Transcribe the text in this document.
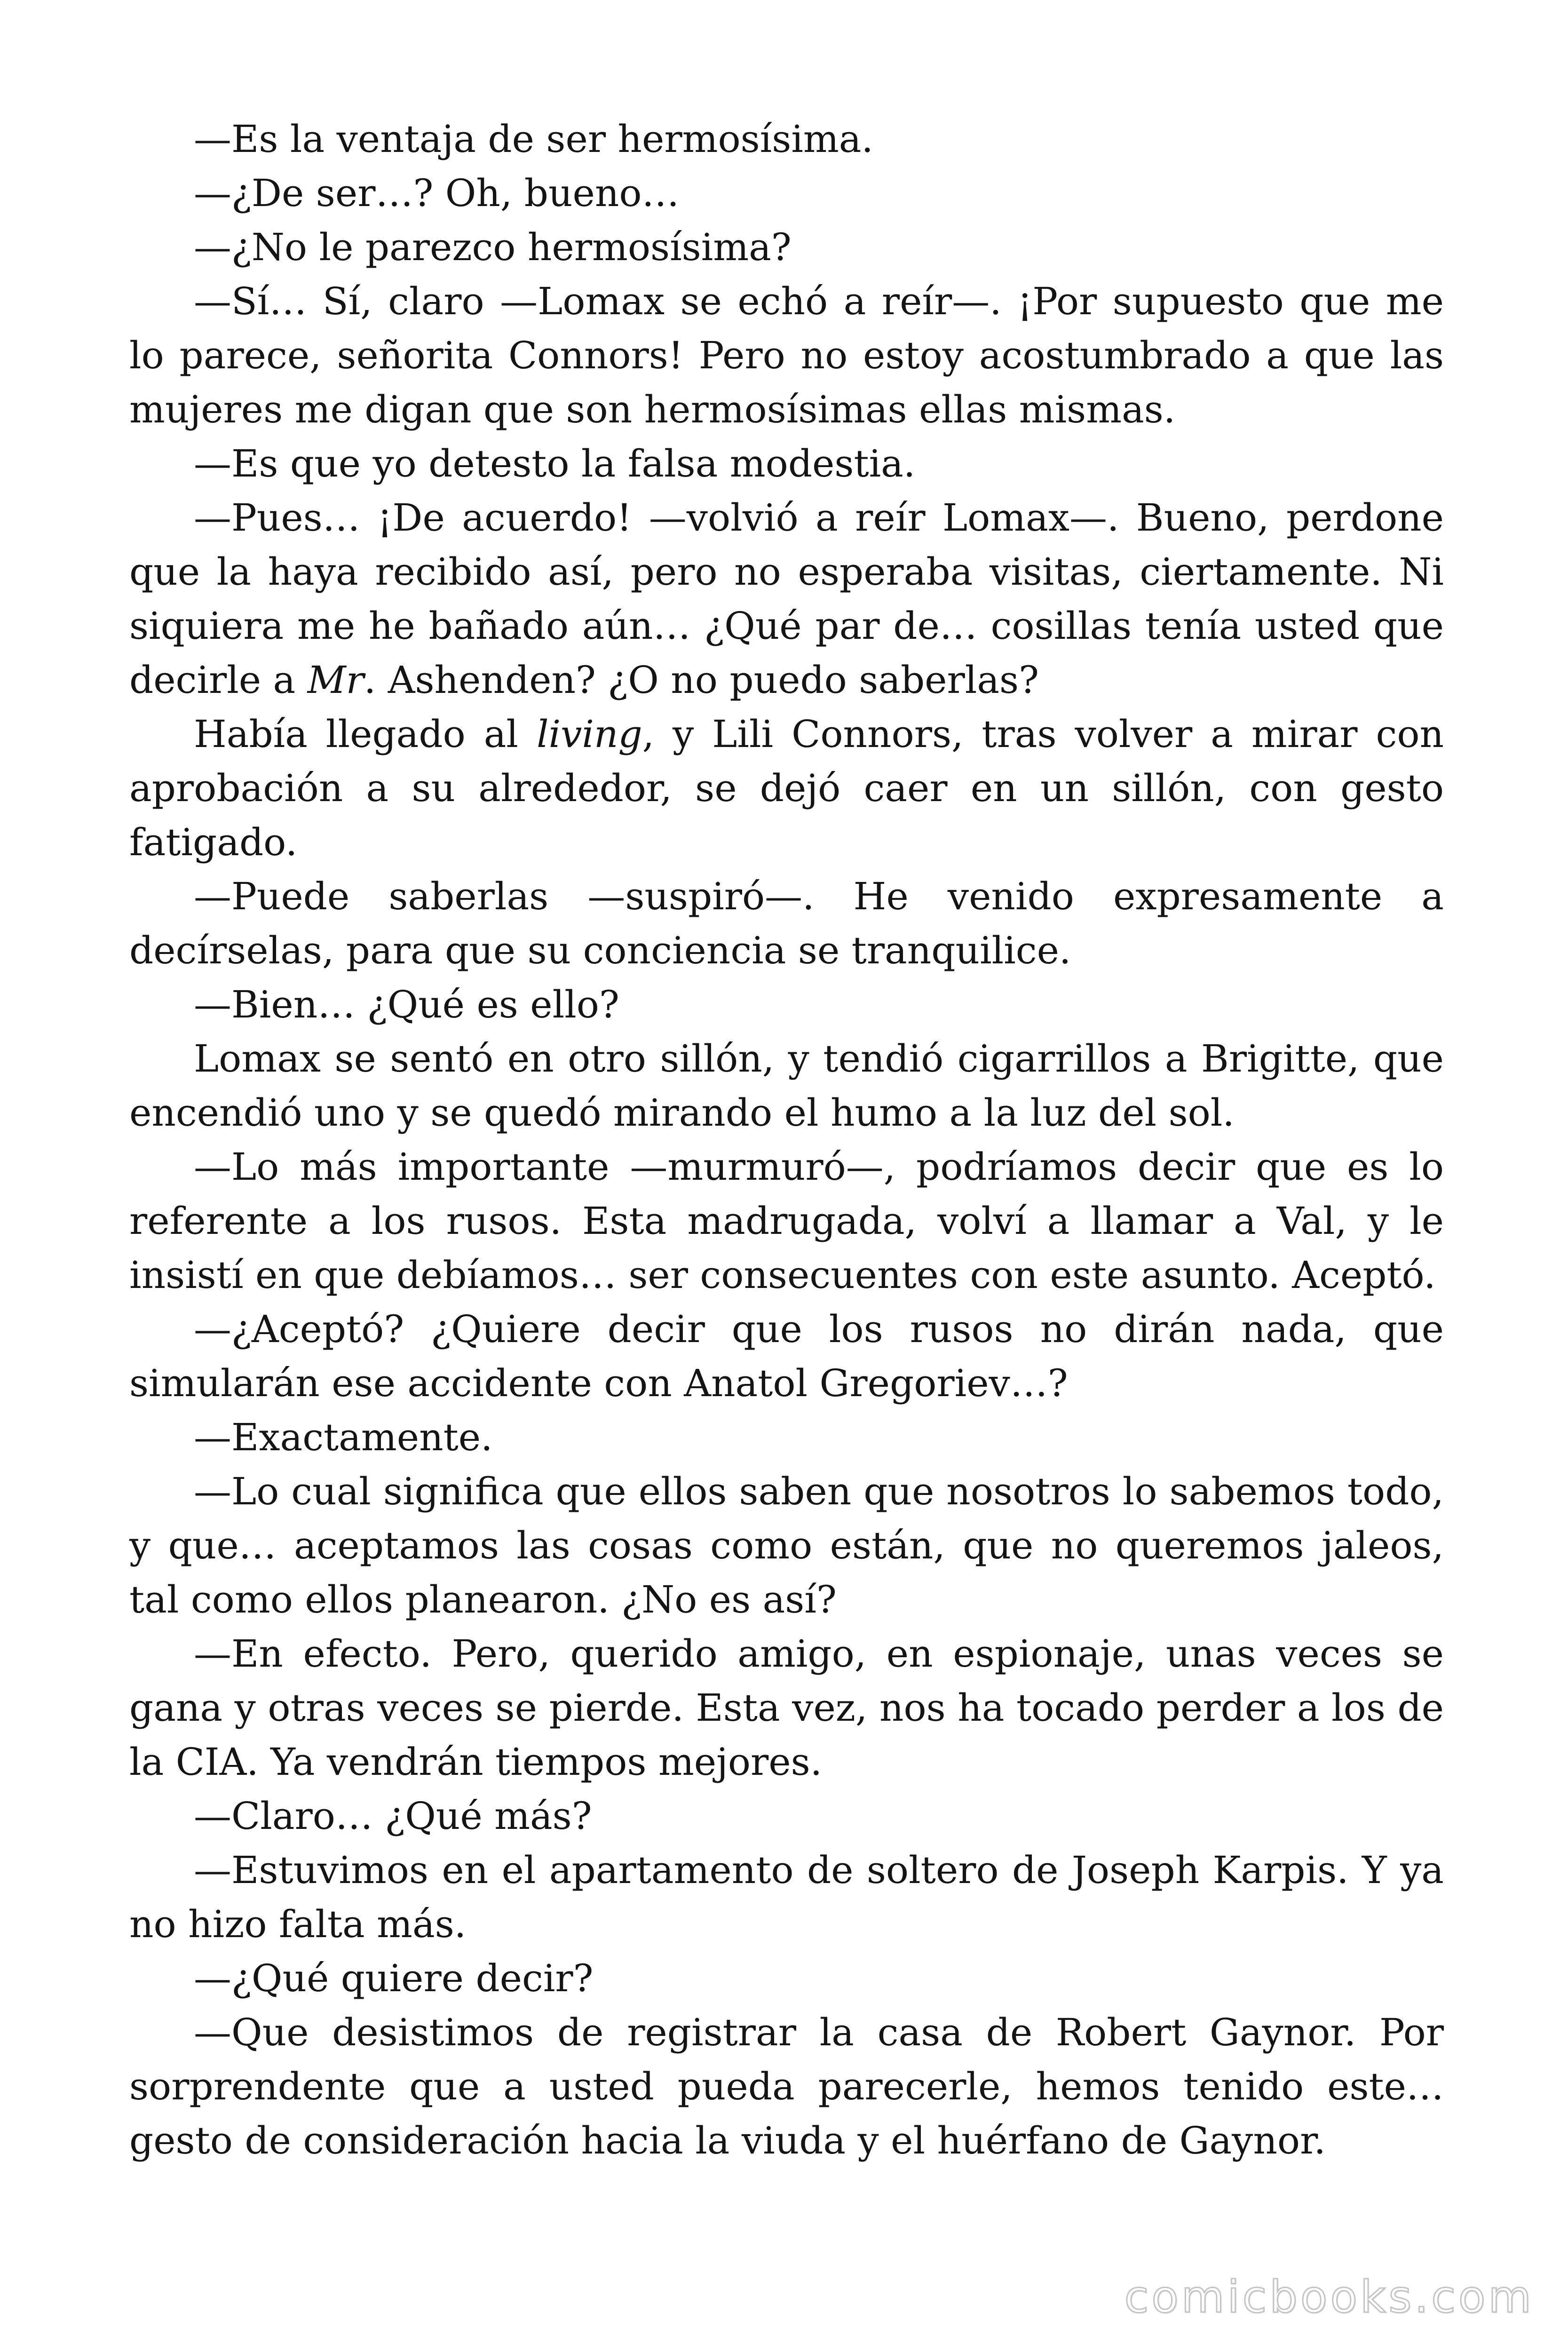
—Es la ventaja de ser hermosísima.

—¿De ser…? Oh, bueno…

—¿No le parezco hermosísima?

—Sí… Sí, claro —Lomax se echó a reír—. ¡Por supuesto que me lo parece, señorita Connors! Pero no estoy acostumbrado a que las mujeres me digan que son hermosísimas ellas mismas.

—Es que yo detesto la falsa modestia.

—Pues… ¡De acuerdo! —volvió a reír Lomax—. Bueno, perdone que la haya recibido así, pero no esperaba visitas, ciertamente. Ni siquiera me he bañado aún… ¿Qué par de… cosillas tenía usted que decirle a Mr. Ashenden? ¿O no puedo saberlas?

Había llegado al living, y Lili Connors, tras volver a mirar con aprobación a su alrededor, se dejó caer en un sillón, con gesto fatigado.

—Puede saberlas —suspiró—. He venido expresamente a decírselas, para que su conciencia se tranquilice.

—Bien… ¿Qué es ello?

Lomax se sentó en otro sillón, y tendió cigarrillos a Brigitte, que encendió uno y se quedó mirando el humo a la luz del sol.

—Lo más importante —murmuró—, podríamos decir que es lo referente a los rusos. Esta madrugada, volví a llamar a Val, y le insistí en que debíamos… ser consecuentes con este asunto. Aceptó.

—¿Aceptó? ¿Quiere decir que los rusos no dirán nada, que simularán ese accidente con Anatol Gregoriev…?

—Exactamente.

—Lo cual significa que ellos saben que nosotros lo sabemos todo, y que… aceptamos las cosas como están, que no queremos jaleos, tal como ellos planearon. ¿No es así?

—En efecto. Pero, querido amigo, en espionaje, unas veces se gana y otras veces se pierde. Esta vez, nos ha tocado perder a los de la CIA. Ya vendrán tiempos mejores.

—Claro… ¿Qué más?

—Estuvimos en el apartamento de soltero de Joseph Karpis. Y ya no hizo falta más.

—¿Qué quiere decir?

—Que desistimos de registrar la casa de Robert Gaynor. Por sorprendente que a usted pueda parecerle, hemos tenido este… gesto de consideración hacia la viuda y el huérfano de Gaynor.

comicbooks.com
